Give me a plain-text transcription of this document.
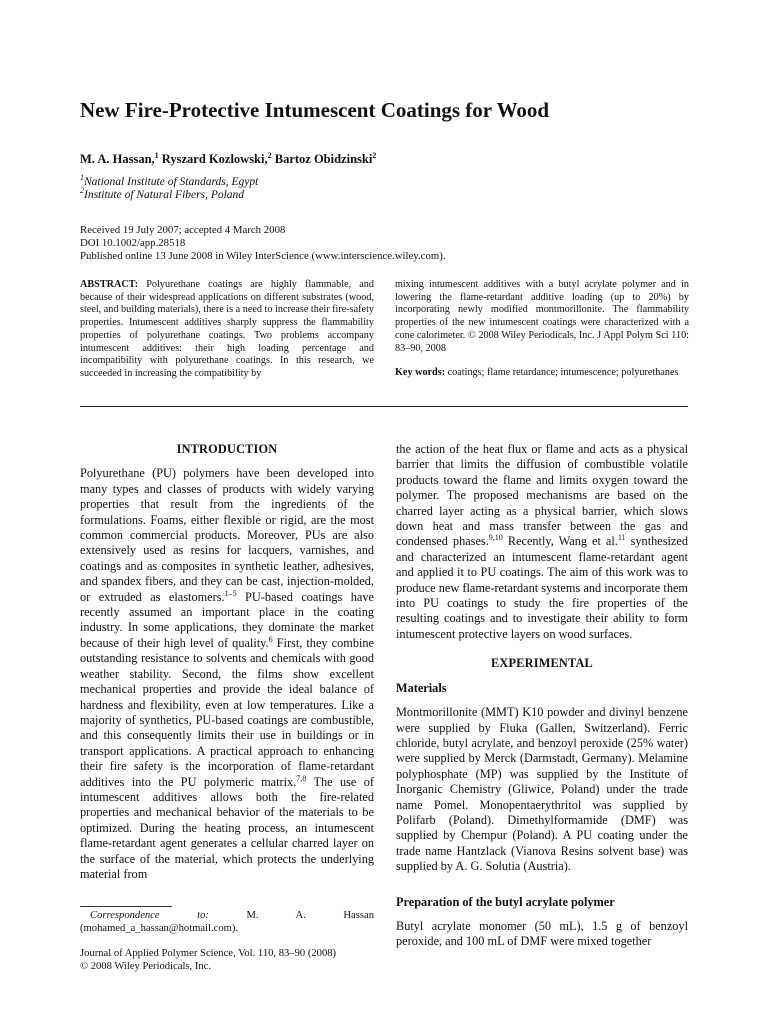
New Fire-Protective Intumescent Coatings for Wood

M. A. Hassan,$^1$ Ryszard Kozlowski,$^2$ Bartoz Obidzinski$^2$

$^1$National Institute of Standards, Egypt
$^2$Institute of Natural Fibers, Poland
Received 19 July 2007; accepted 4 March 2008
DOI 10.1002/app.28518
Published online 13 June 2008 in Wiley InterScience (www.interscience.wiley.com).

ABSTRACT: Polyurethane coatings are highly flammable, and because of their widespread applications on different substrates (wood, steel, and building materials), there is a need to increase their fire-safety properties. Intumescent additives sharply suppress the flammability properties of polyurethane coatings. Two problems accompany intumescent additives: their high loading percentage and incompatibility with polyurethane coatings. In this research, we succeeded in increasing the compatibility by

mixing intumescent additives with a butyl acrylate polymer and in lowering the flame-retardant additive loading (up to 20%) by incorporating newly modified montmorillonite. The flammability properties of the new intumescent coatings were characterized with a cone calorimeter. © 2008 Wiley Periodicals, Inc. J Appl Polym Sci 110: 83–90, 2008

Key words: coatings; flame retardance; intumescence; polyurethanes

INTRODUCTION

Polyurethane (PU) polymers have been developed into many types and classes of products with widely varying properties that result from the ingredients of the formulations. Foams, either flexible or rigid, are the most common commercial products. Moreover, PUs are also extensively used as resins for lacquers, varnishes, and coatings and as composites in synthetic leather, adhesives, and spandex fibers, and they can be cast, injection-molded, or extruded as elastomers.$^{1-5}$ PU-based coatings have recently assumed an important place in the coating industry. In some applications, they dominate the market because of their high level of quality.$^6$ First, they combine outstanding resistance to solvents and chemicals with good weather stability. Second, the films show excellent mechanical properties and provide the ideal balance of hardness and flexibility, even at low temperatures. Like a majority of synthetics, PU-based coatings are combustible, and this consequently limits their use in buildings or in transport applications. A practical approach to enhancing their fire safety is the incorporation of flame-retardant additives into the PU polymeric matrix.$^{7,8}$ The use of intumescent additives allows both the fire-related properties and mechanical behavior of the materials to be optimized. During the heating process, an intumescent flame-retardant agent generates a cellular charred layer on the surface of the material, which protects the underlying material from

the action of the heat flux or flame and acts as a physical barrier that limits the diffusion of combustible volatile products toward the flame and limits oxygen toward the polymer. The proposed mechanisms are based on the charred layer acting as a physical barrier, which slows down heat and mass transfer between the gas and condensed phases.$^{9,10}$ Recently, Wang et al.$^{11}$ synthesized and characterized an intumescent flame-retardant agent and applied it to PU coatings. The aim of this work was to produce new flame-retardant systems and incorporate them into PU coatings to study the fire properties of the resulting coatings and to investigate their ability to form intumescent protective layers on wood surfaces.

EXPERIMENTAL
Materials

Montmorillonite (MMT) K10 powder and divinyl benzene were supplied by Fluka (Gallen, Switzerland). Ferric chloride, butyl acrylate, and benzoyl peroxide (25% water) were supplied by Merck (Darmstadt, Germany). Melamine polyphosphate (MP) was supplied by the Institute of Inorganic Chemistry (Gliwice, Poland) under the trade name Pomel. Monopentaerythritol was supplied by Polifarb (Poland). Dimethylformamide (DMF) was supplied by Chempur (Poland). A PU coating under the trade name Hantzlack (Vianova Resins solvent base) was supplied by A. G. Solutia (Austria).

Preparation of the butyl acrylate polymer

Butyl acrylate monomer (50 mL), 1.5 g of benzoyl peroxide, and 100 mL of DMF were mixed together

Correspondence to: M. A. Hassan (mohamed_a_hassan@hotmail.com).

Journal of Applied Polymer Science, Vol. 110, 83–90 (2008)
© 2008 Wiley Periodicals, Inc.
